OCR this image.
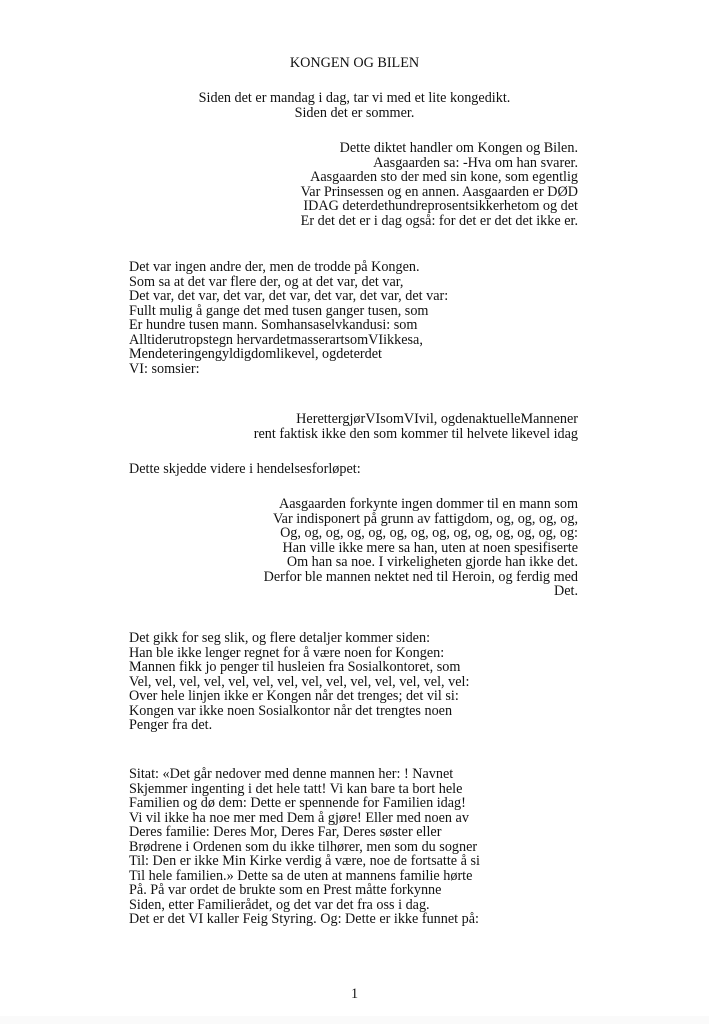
KONGEN OG BILEN
Siden det er mandag i dag, tar vi med et lite kongedikt.
Siden det er sommer.
Dette diktet handler om Kongen og Bilen.
Aasgaarden sa: -Hva om han svarer.
Aasgaarden sto der med sin kone, som egentlig
Var Prinsessen og en annen. Aasgaarden er DØD
IDAG deterdethundreprosentsikkerhetom og det
Er det det er i dag også: for det er det det ikke er.
Det var ingen andre der, men de trodde på Kongen.
Som sa at det var flere der, og at det var, det var,
Det var, det var, det var, det var, det var, det var, det var:
Fullt mulig å gange det med tusen ganger tusen, som
Er hundre tusen mann. Somhansaselvkandusi: som
Alltiderutropstegn hervardetmasserartsomVIikkesa,
Mendeteringengyldigdomlikevel, ogdeterdet
VI: somsier:
HerettergjørVIsomVIvil, ogdenaktuelleMannener
rent faktisk ikke den som kommer til helvete likevel idag
Dette skjedde videre i hendelsesforløpet:
Aasgaarden forkynte ingen dommer til en mann som
Var indisponert på grunn av fattigdom, og, og, og, og,
Og, og, og, og, og, og, og, og, og, og, og, og, og, og:
Han ville ikke mere sa han, uten at noen spesifiserte
Om han sa noe. I virkeligheten gjorde han ikke det.
Derfor ble mannen nektet ned til Heroin, og ferdig med
Det.
Det gikk for seg slik, og flere detaljer kommer siden:
Han ble ikke lenger regnet for å være noen for Kongen:
Mannen fikk jo penger til husleien fra Sosialkontoret, som
Vel, vel, vel, vel, vel, vel, vel, vel, vel, vel, vel, vel, vel, vel:
Over hele linjen ikke er Kongen når det trenges; det vil si:
Kongen var ikke noen Sosialkontor når det trengtes noen
Penger fra det.
Sitat: «Det går nedover med denne mannen her: ! Navnet
Skjemmer ingenting i det hele tatt! Vi kan bare ta bort hele
Familien og dø dem: Dette er spennende for Familien idag!
Vi vil ikke ha noe mer med Dem å gjøre! Eller med noen av
Deres familie: Deres Mor, Deres Far, Deres søster eller
Brødrene i Ordenen som du ikke tilhører, men som du sogner
Til: Den er ikke Min Kirke verdig å være, noe de fortsatte å si
Til hele familien.» Dette sa de uten at mannens familie hørte
På. På var ordet de brukte som en Prest måtte forkynne
Siden, etter Familierådet, og det var det fra oss i dag.
Det er det VI kaller Feig Styring. Og: Dette er ikke funnet på:
1
